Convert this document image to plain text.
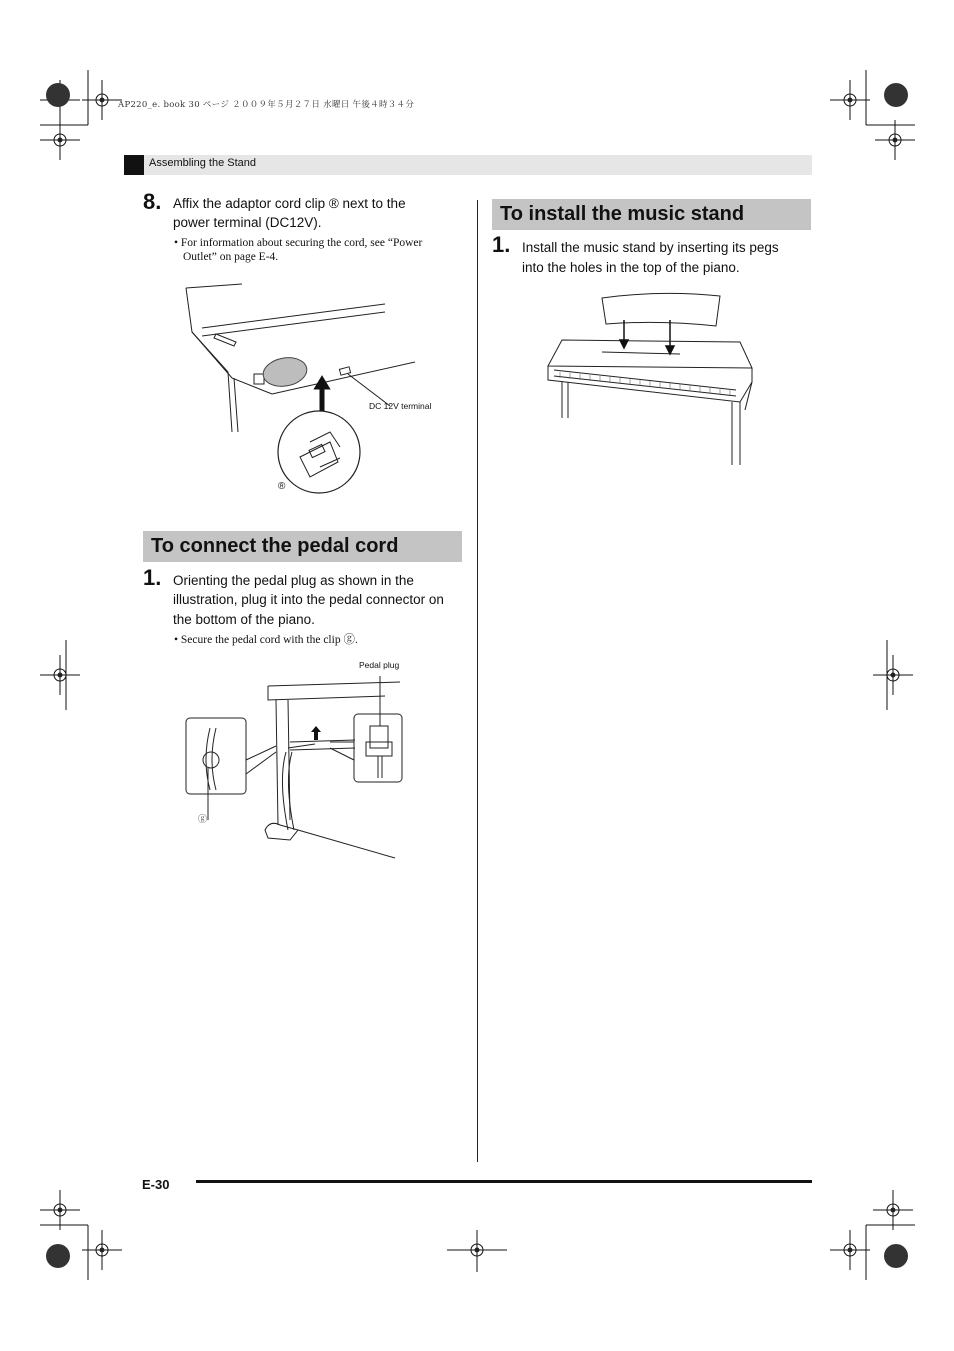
AP220_e. book 30 ページ ２００９年５月２７日 水曜日 午後４時３４分
Assembling the Stand
8. Affix the adaptor cord clip ® next to the
power terminal (DC12V).
• For information about securing the cord, see “Power
Outlet” on page E-4.
DC 12V terminal
®
To connect the pedal cord
1. Orienting the pedal plug as shown in the
illustration, plug it into the pedal connector on
the bottom of the piano.
• Secure the pedal cord with the clip ⓖ.
Pedal plug
ⓖ
To install the music stand
1. Install the music stand by inserting its pegs
into the holes in the top of the piano.
E-30
